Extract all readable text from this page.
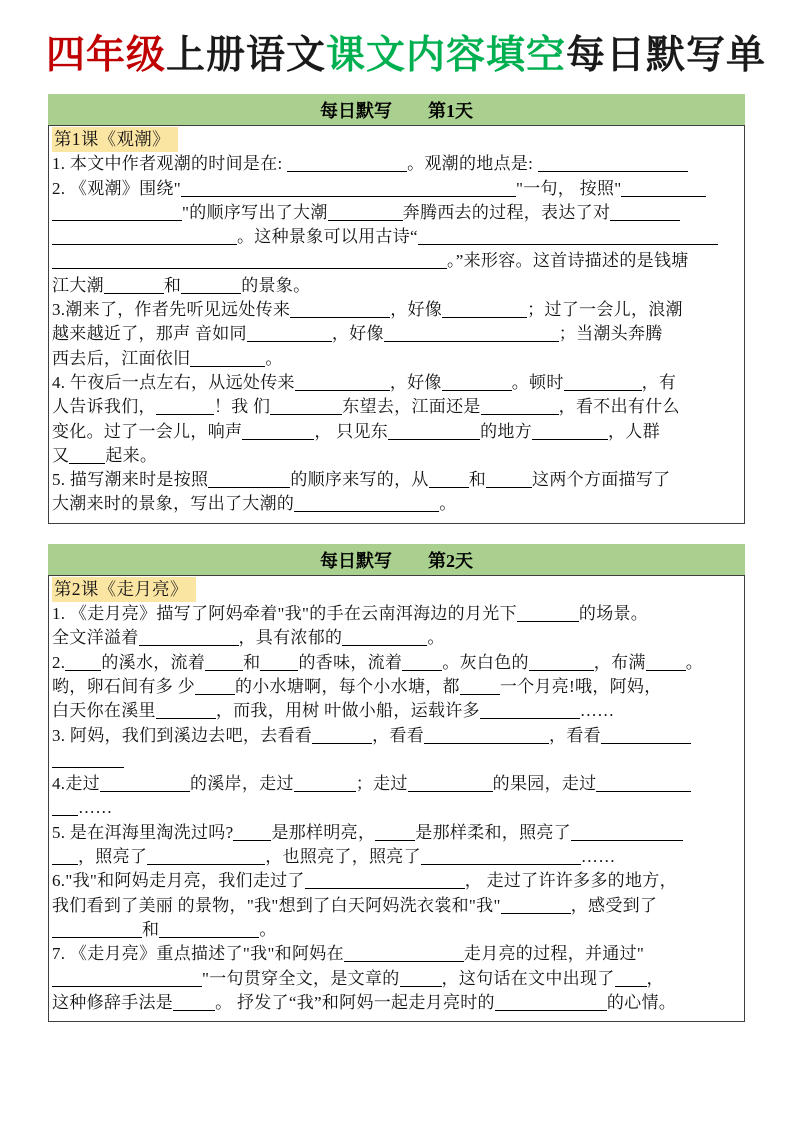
四年级上册语文课文内容填空每日默写单
每日默写　　第1天
第1课《观潮》
1. 本文中作者观潮的时间是在:	。观潮的地点是:
2. 《观潮》围绕"	"一句， 按照"
"的顺序写出了大潮	奔腾西去的过程，表达了对
。这种景象可以用古诗“
。”来形容。这首诗描述的是钱塘
江大潮	和	的景象。
3.潮来了，作者先听见远处传来	，好像	；过了一会儿，浪潮
越来越近了，那声 音如同	，好像	；当潮头奔腾
西去后，江面依旧	。
4. 午夜后一点左右，从远处传来	，好像	。顿时	，有
人告诉我们，	！我 们	东望去，江面还是	，看不出有什么
变化。过了一会儿，响声	， 只见东	的地方	，人群
又 起来。
5. 描写潮来时是按照	的顺序来写的，从 和	这两个方面描写了
大潮来时的景象，写出了大潮的	。
每日默写　　第2天
第2课《走月亮》
1. 《走月亮》描写了阿妈牵着"我"的手在云南洱海边的月光下	的场景。
全文洋溢着	，具有浓郁的	。
2. 的溪水，流着 和 的香味，流着 。灰白色的	，布满 。
哟，卵石间有多 少 的小水塘啊，每个小水塘，都 一个月亮!哦，阿妈，
白天你在溪里	，而我，用树 叶做小船，运载许多	……
3. 阿妈，我们到溪边去吧，去看看	，看看	，看看
4.走过	的溪岸，走过	；走过	的果园，走过
……
5. 是在洱海里淘洗过吗? 是那样明亮， 是那样柔和，照亮了
，照亮了	，也照亮了，照亮了	……
6."我"和阿妈走月亮，我们走过了	， 走过了许许多多的地方，
我们看到了美丽 的景物，"我"想到了白天阿妈洗衣裳和"我"	，感受到了
和	。
7. 《走月亮》重点描述了"我"和阿妈在	走月亮的过程，并通过"
"一句贯穿全文，是文章的 ，这句话在文中出现了 ，
这种修辞手法是 。 抒发了“我”和阿妈一起走月亮时的	的心情。
